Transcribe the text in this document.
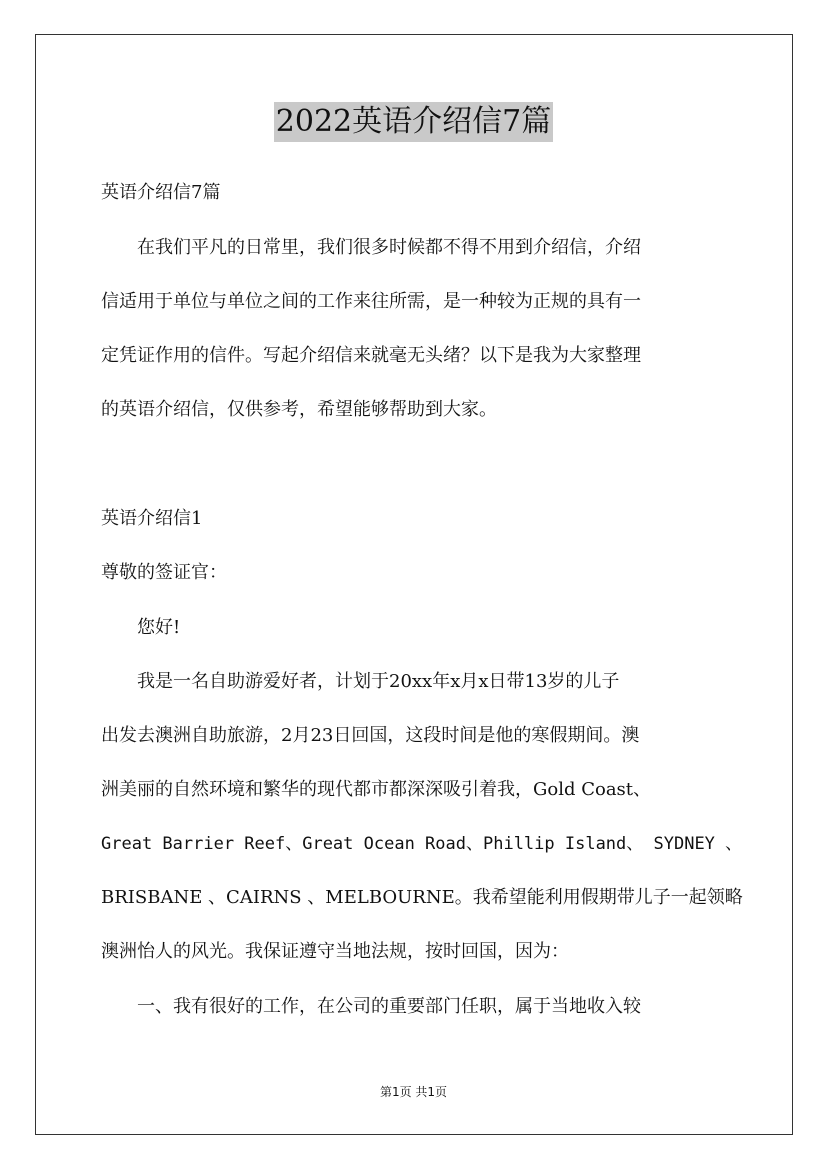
2022英语介绍信7篇
英语介绍信7篇
　　在我们平凡的日常里，我们很多时候都不得不用到介绍信，介绍
信适用于单位与单位之间的工作来往所需，是一种较为正规的具有一
定凭证作用的信件。写起介绍信来就毫无头绪？以下是我为大家整理
的英语介绍信，仅供参考，希望能够帮助到大家。
英语介绍信1
尊敬的签证官：
　　您好!
　　我是一名自助游爱好者，计划于20xx年x月x日带13岁的儿子
出发去澳洲自助旅游，2月23日回国，这段时间是他的寒假期间。澳
洲美丽的自然环境和繁华的现代都市都深深吸引着我，Gold Coast、
Great Barrier Reef、Great Ocean Road、Phillip Island、 SYDNEY 、
BRISBANE 、CAIRNS 、MELBOURNE。我希望能利用假期带儿子一起领略
澳洲怡人的风光。我保证遵守当地法规，按时回国，因为：
　　一、我有很好的工作，在公司的重要部门任职，属于当地收入较
第1页 共1页
